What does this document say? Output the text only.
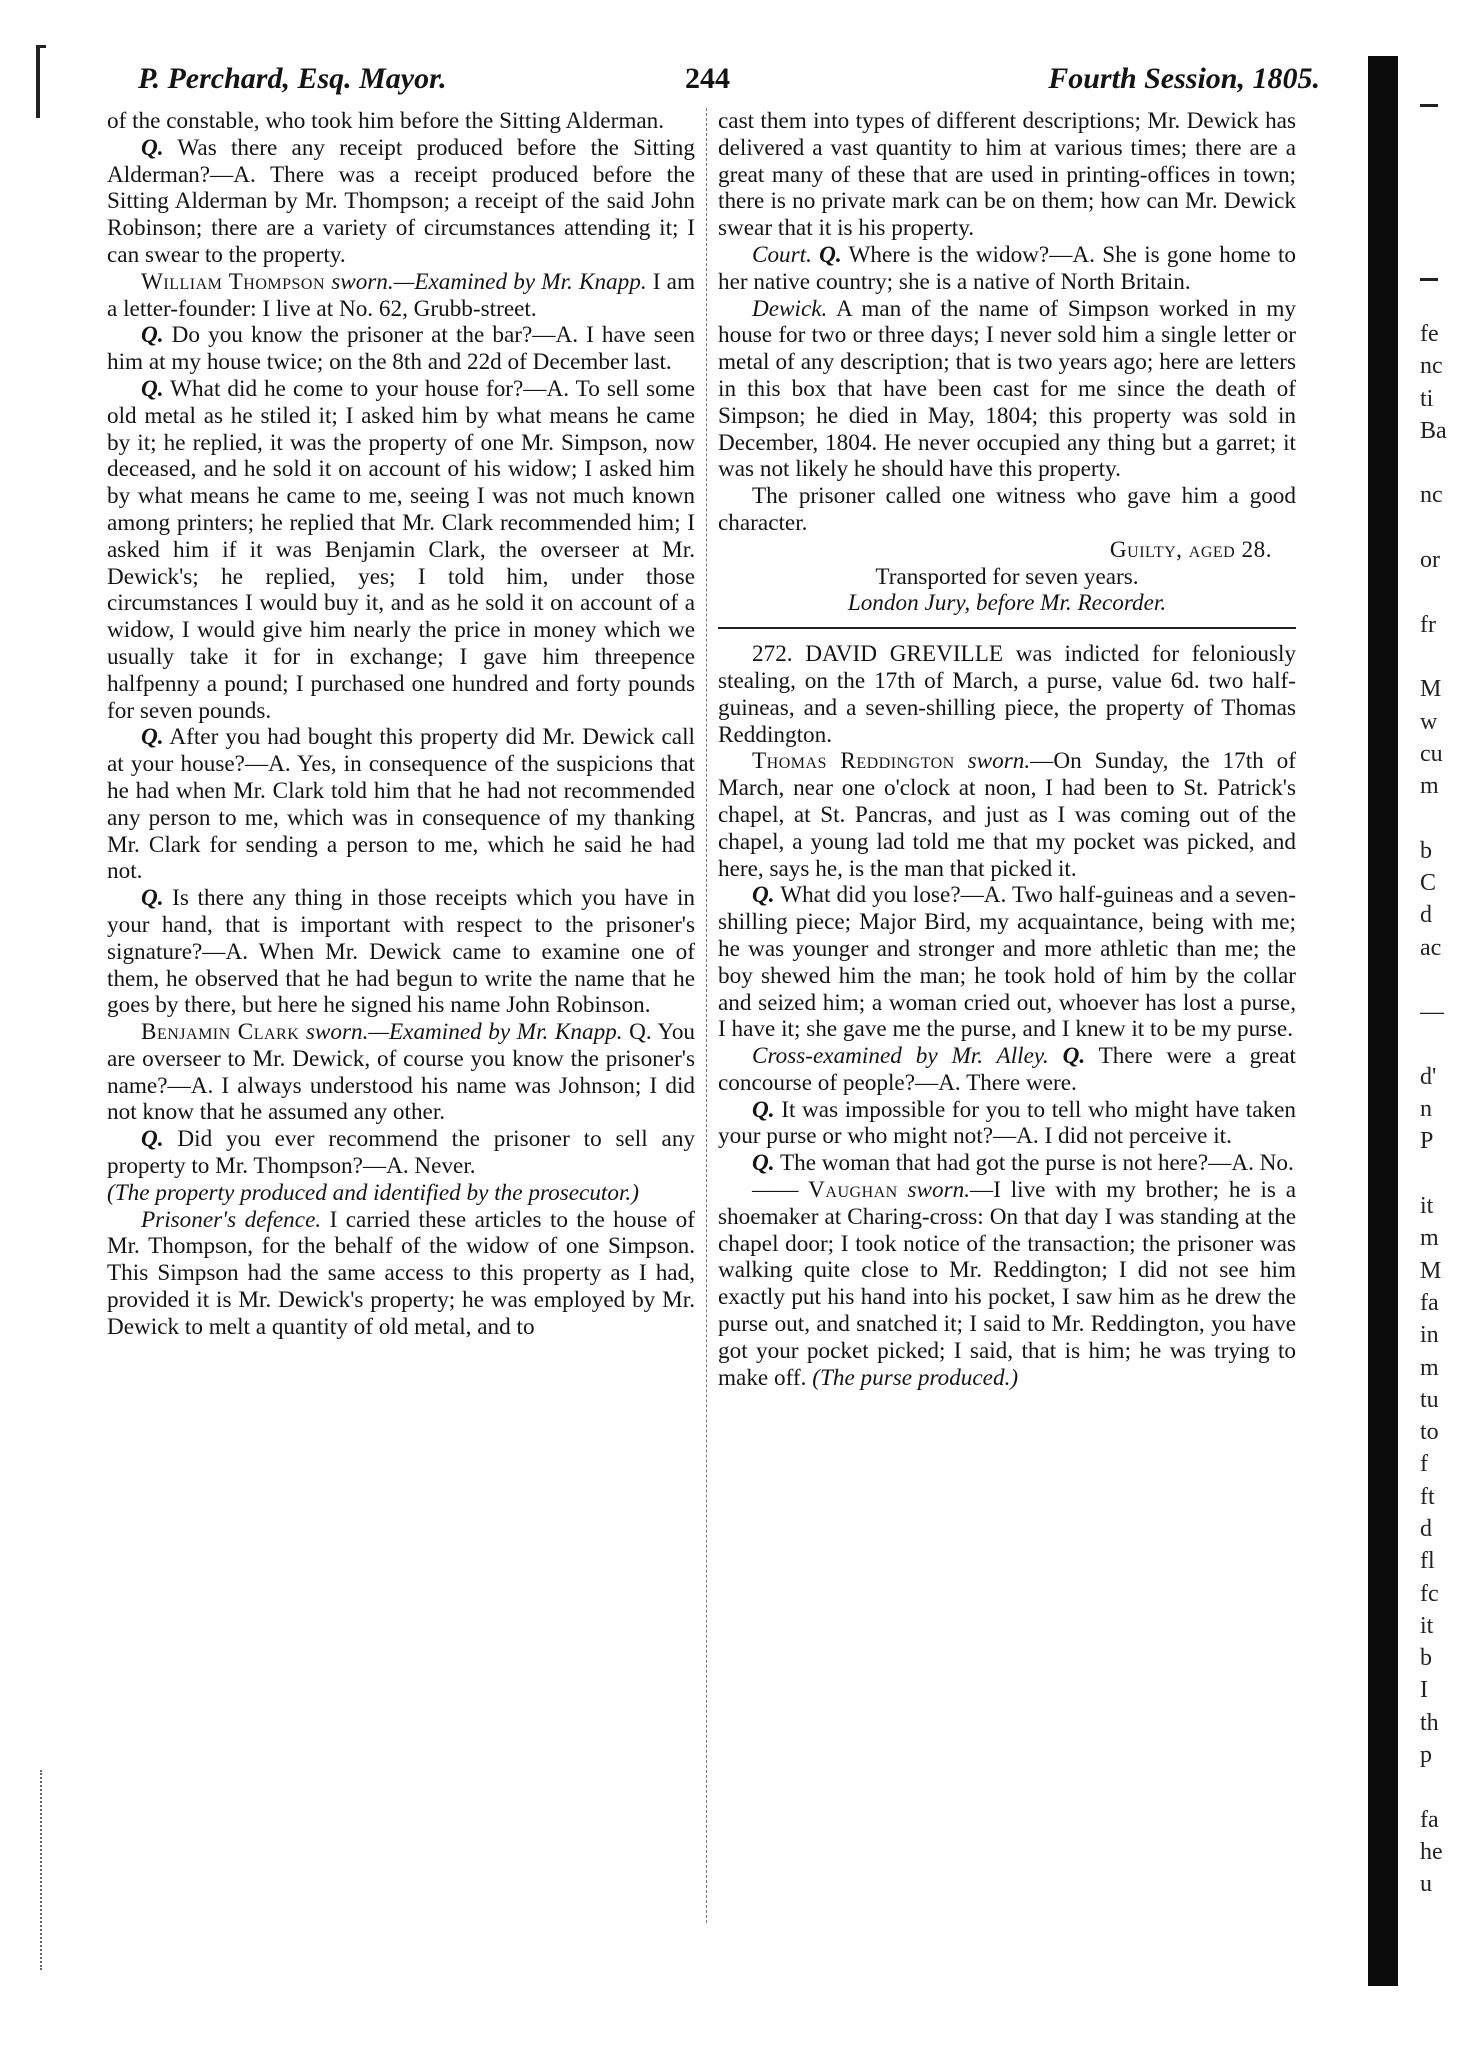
P. Perchard, Esq. Mayor.	244	Fourth Session, 1805.

of the constable, who took him before the Sitting Alderman.

Q. Was there any receipt produced before the Sitting Alderman?—A. There was a receipt produced before the Sitting Alderman by Mr. Thompson; a receipt of the said John Robinson; there are a variety of circumstances attending it; I can swear to the property.

William Thompson sworn.—Examined by Mr. Knapp. I am a letter-founder: I live at No. 62, Grubb-street.

Q. Do you know the prisoner at the bar?—A. I have seen him at my house twice; on the 8th and 22d of December last.

Q. What did he come to your house for?—A. To sell some old metal as he stiled it; I asked him by what means he came by it; he replied, it was the property of one Mr. Simpson, now deceased, and he sold it on account of his widow; I asked him by what means he came to me, seeing I was not much known among printers; he replied that Mr. Clark recommended him; I asked him if it was Benjamin Clark, the overseer at Mr. Dewick's; he replied, yes; I told him, under those circumstances I would buy it, and as he sold it on account of a widow, I would give him nearly the price in money which we usually take it for in exchange; I gave him threepence halfpenny a pound; I purchased one hundred and forty pounds for seven pounds.

Q. After you had bought this property did Mr. Dewick call at your house?—A. Yes, in consequence of the suspicions that he had when Mr. Clark told him that he had not recommended any person to me, which was in consequence of my thanking Mr. Clark for sending a person to me, which he said he had not.

Q. Is there any thing in those receipts which you have in your hand, that is important with respect to the prisoner's signature?—A. When Mr. Dewick came to examine one of them, he observed that he had begun to write the name that he goes by there, but here he signed his name John Robinson.

Benjamin Clark sworn.—Examined by Mr. Knapp. Q. You are overseer to Mr. Dewick, of course you know the prisoner's name?—A. I always understood his name was Johnson; I did not know that he assumed any other.

Q. Did you ever recommend the prisoner to sell any property to Mr. Thompson?—A. Never.

(The property produced and identified by the prosecutor.)

Prisoner's defence. I carried these articles to the house of Mr. Thompson, for the behalf of the widow of one Simpson. This Simpson had the same access to this property as I had, provided it is Mr. Dewick's property; he was employed by Mr. Dewick to melt a quantity of old metal, and to

cast them into types of different descriptions; Mr. Dewick has delivered a vast quantity to him at various times; there are a great many of these that are used in printing-offices in town; there is no private mark can be on them; how can Mr. Dewick swear that it is his property.

Court. Q. Where is the widow?—A. She is gone home to her native country; she is a native of North Britain.

Dewick. A man of the name of Simpson worked in my house for two or three days; I never sold him a single letter or metal of any description; that is two years ago; here are letters in this box that have been cast for me since the death of Simpson; he died in May, 1804; this property was sold in December, 1804. He never occupied any thing but a garret; it was not likely he should have this property.

The prisoner called one witness who gave him a good character.

Guilty, aged 28.

Transported for seven years.

London Jury, before Mr. Recorder.

272. DAVID GREVILLE was indicted for feloniously stealing, on the 17th of March, a purse, value 6d. two half-guineas, and a seven-shilling piece, the property of Thomas Reddington.

Thomas Reddington sworn.—On Sunday, the 17th of March, near one o'clock at noon, I had been to St. Patrick's chapel, at St. Pancras, and just as I was coming out of the chapel, a young lad told me that my pocket was picked, and here, says he, is the man that picked it.

Q. What did you lose?—A. Two half-guineas and a seven-shilling piece; Major Bird, my acquaintance, being with me; he was younger and stronger and more athletic than me; the boy shewed him the man; he took hold of him by the collar and seized him; a woman cried out, whoever has lost a purse, I have it; she gave me the purse, and I knew it to be my purse.

Cross-examined by Mr. Alley. Q. There were a great concourse of people?—A. There were.

Q. It was impossible for you to tell who might have taken your purse or who might not?—A. I did not perceive it.

Q. The woman that had got the purse is not here?—A. No.

—— Vaughan sworn.—I live with my brother; he is a shoemaker at Charing-cross: On that day I was standing at the chapel door; I took notice of the transaction; the prisoner was walking quite close to Mr. Reddington; I did not see him exactly put his hand into his pocket, I saw him as he drew the purse out, and snatched it; I said to Mr. Reddington, you have got your pocket picked; I said, that is him; he was trying to make off. (The purse produced.)

fe
nc
ti
Ba
nc
or
fr
M
w
cu
m
b
C
d
ac
—
d'
n
P
it
m
M
fa
in
m
tu
to
f
ft
d
fl
fc
it
b
I
th
p
fa
he
u
